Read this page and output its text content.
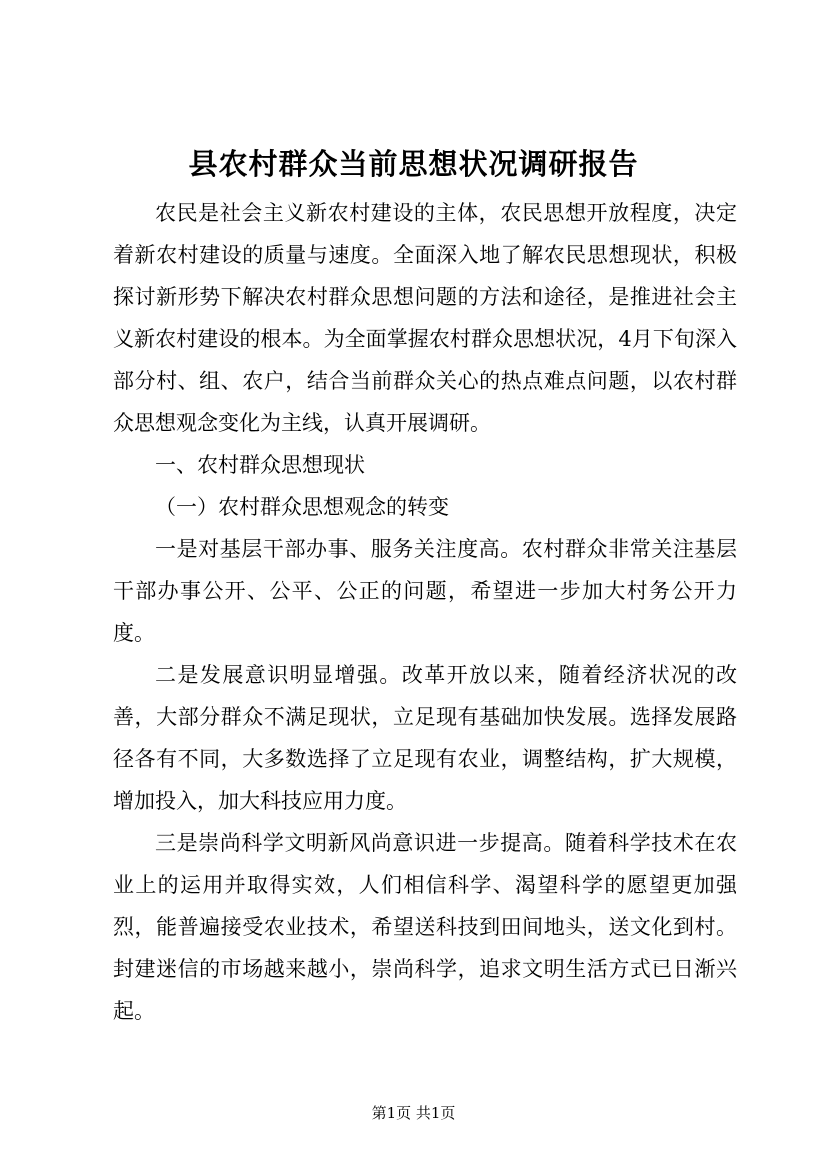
县农村群众当前思想状况调研报告

农民是社会主义新农村建设的主体，农民思想开放程度，决定着新农村建设的质量与速度。全面深入地了解农民思想现状，积极探讨新形势下解决农村群众思想问题的方法和途径，是推进社会主义新农村建设的根本。为全面掌握农村群众思想状况，4月下旬深入部分村、组、农户，结合当前群众关心的热点难点问题，以农村群众思想观念变化为主线，认真开展调研。

一、农村群众思想现状

（一）农村群众思想观念的转变

一是对基层干部办事、服务关注度高。农村群众非常关注基层干部办事公开、公平、公正的问题，希望进一步加大村务公开力度。

二是发展意识明显增强。改革开放以来，随着经济状况的改善，大部分群众不满足现状，立足现有基础加快发展。选择发展路径各有不同，大多数选择了立足现有农业，调整结构，扩大规模，增加投入，加大科技应用力度。

三是崇尚科学文明新风尚意识进一步提高。随着科学技术在农业上的运用并取得实效，人们相信科学、渴望科学的愿望更加强烈，能普遍接受农业技术，希望送科技到田间地头，送文化到村。封建迷信的市场越来越小，崇尚科学，追求文明生活方式已日渐兴起。

第1页 共1页
